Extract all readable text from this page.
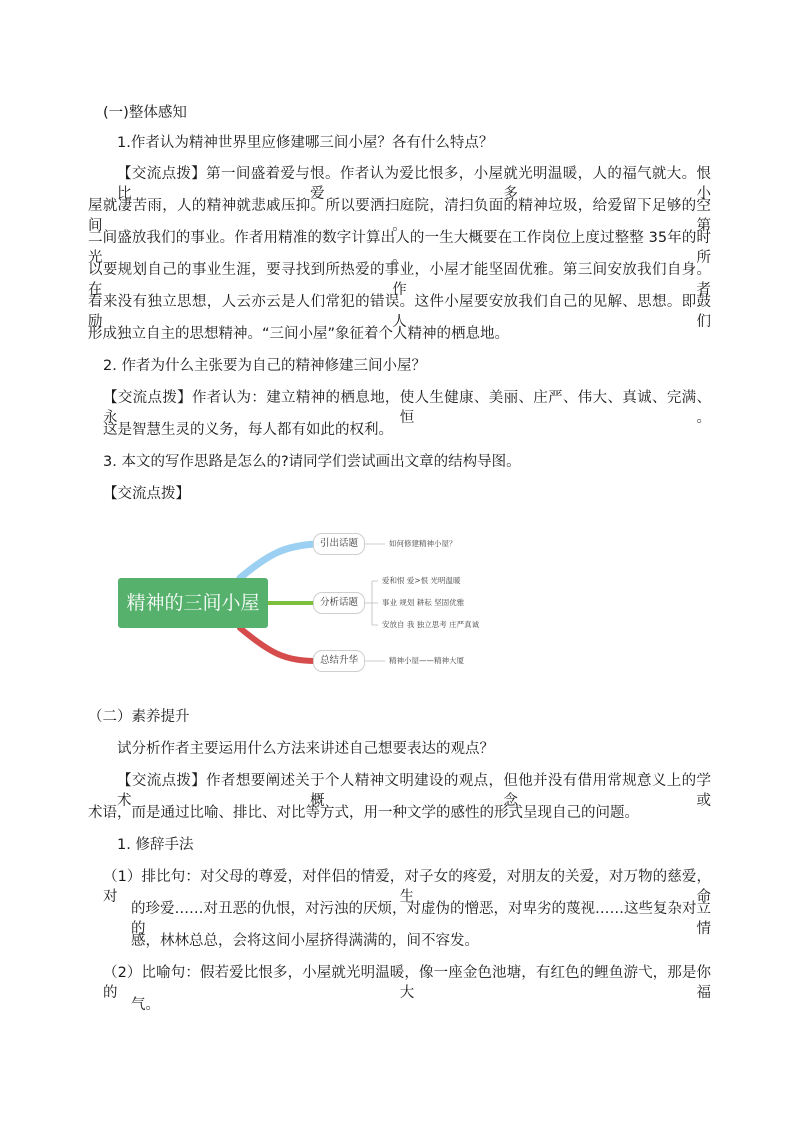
(一)整体感知
1.作者认为精神世界里应修建哪三间小屋？各有什么特点？
【交流点拨】第一间盛着爱与恨。作者认为爱比恨多，小屋就光明温暖，人的福气就大。恨比爱多小
屋就凄苦雨，人的精神就悲戚压抑。所以要洒扫庭院，清扫负面的精神垃圾，给爱留下足够的空间。第
二间盛放我们的事业。作者用精准的数字计算出人的一生大概要在工作岗位上度过整整 35年的时光。所
以要规划自己的事业生涯，要寻找到所热爱的事业，小屋才能坚固优雅。第三间安放我们自身。在作者
看来没有独立思想，人云亦云是人们常犯的错误。这件小屋要安放我们自己的见解、思想。即鼓励人们
形成独立自主的思想精神。“三间小屋”象征着个人精神的栖息地。
2. 作者为什么主张要为自己的精神修建三间小屋？
【交流点拨】作者认为：建立精神的栖息地，使人生健康、美丽、庄严、伟大、真诚、完满、永恒。
这是智慧生灵的义务，每人都有如此的权利。
3. 本文的写作思路是怎么的?请同学们尝试画出文章的结构导图。
【交流点拨】
精神的三间小屋
引出话题
分析话题
总结升华
如何修建精神小屋？
爱和恨 爱>恨 光明温暖
事业 规划 耕耘 坚固优雅
安放自 我 独立思考 庄严真诚
精神小屋——精神大厦
（二）素养提升
试分析作者主要运用什么方法来讲述自己想要表达的观点？
【交流点拨】作者想要阐述关于个人精神文明建设的观点，但他并没有借用常规意义上的学术概念或
术语，而是通过比喻、排比、对比等方式，用一种文学的感性的形式呈现自己的问题。
1. 修辞手法
（1）排比句：对父母的尊爱，对伴侣的情爱，对子女的疼爱，对朋友的关爱，对万物的慈爱，对生命
的珍爱……对丑恶的仇恨，对污浊的厌烦，对虚伪的憎恶，对卑劣的蔑视……这些复杂对立的情
感，林林总总，会将这间小屋挤得满满的，间不容发。
（2）比喻句：假若爱比恨多，小屋就光明温暖，像一座金色池塘，有红色的鲤鱼游弋，那是你的大福
气。
